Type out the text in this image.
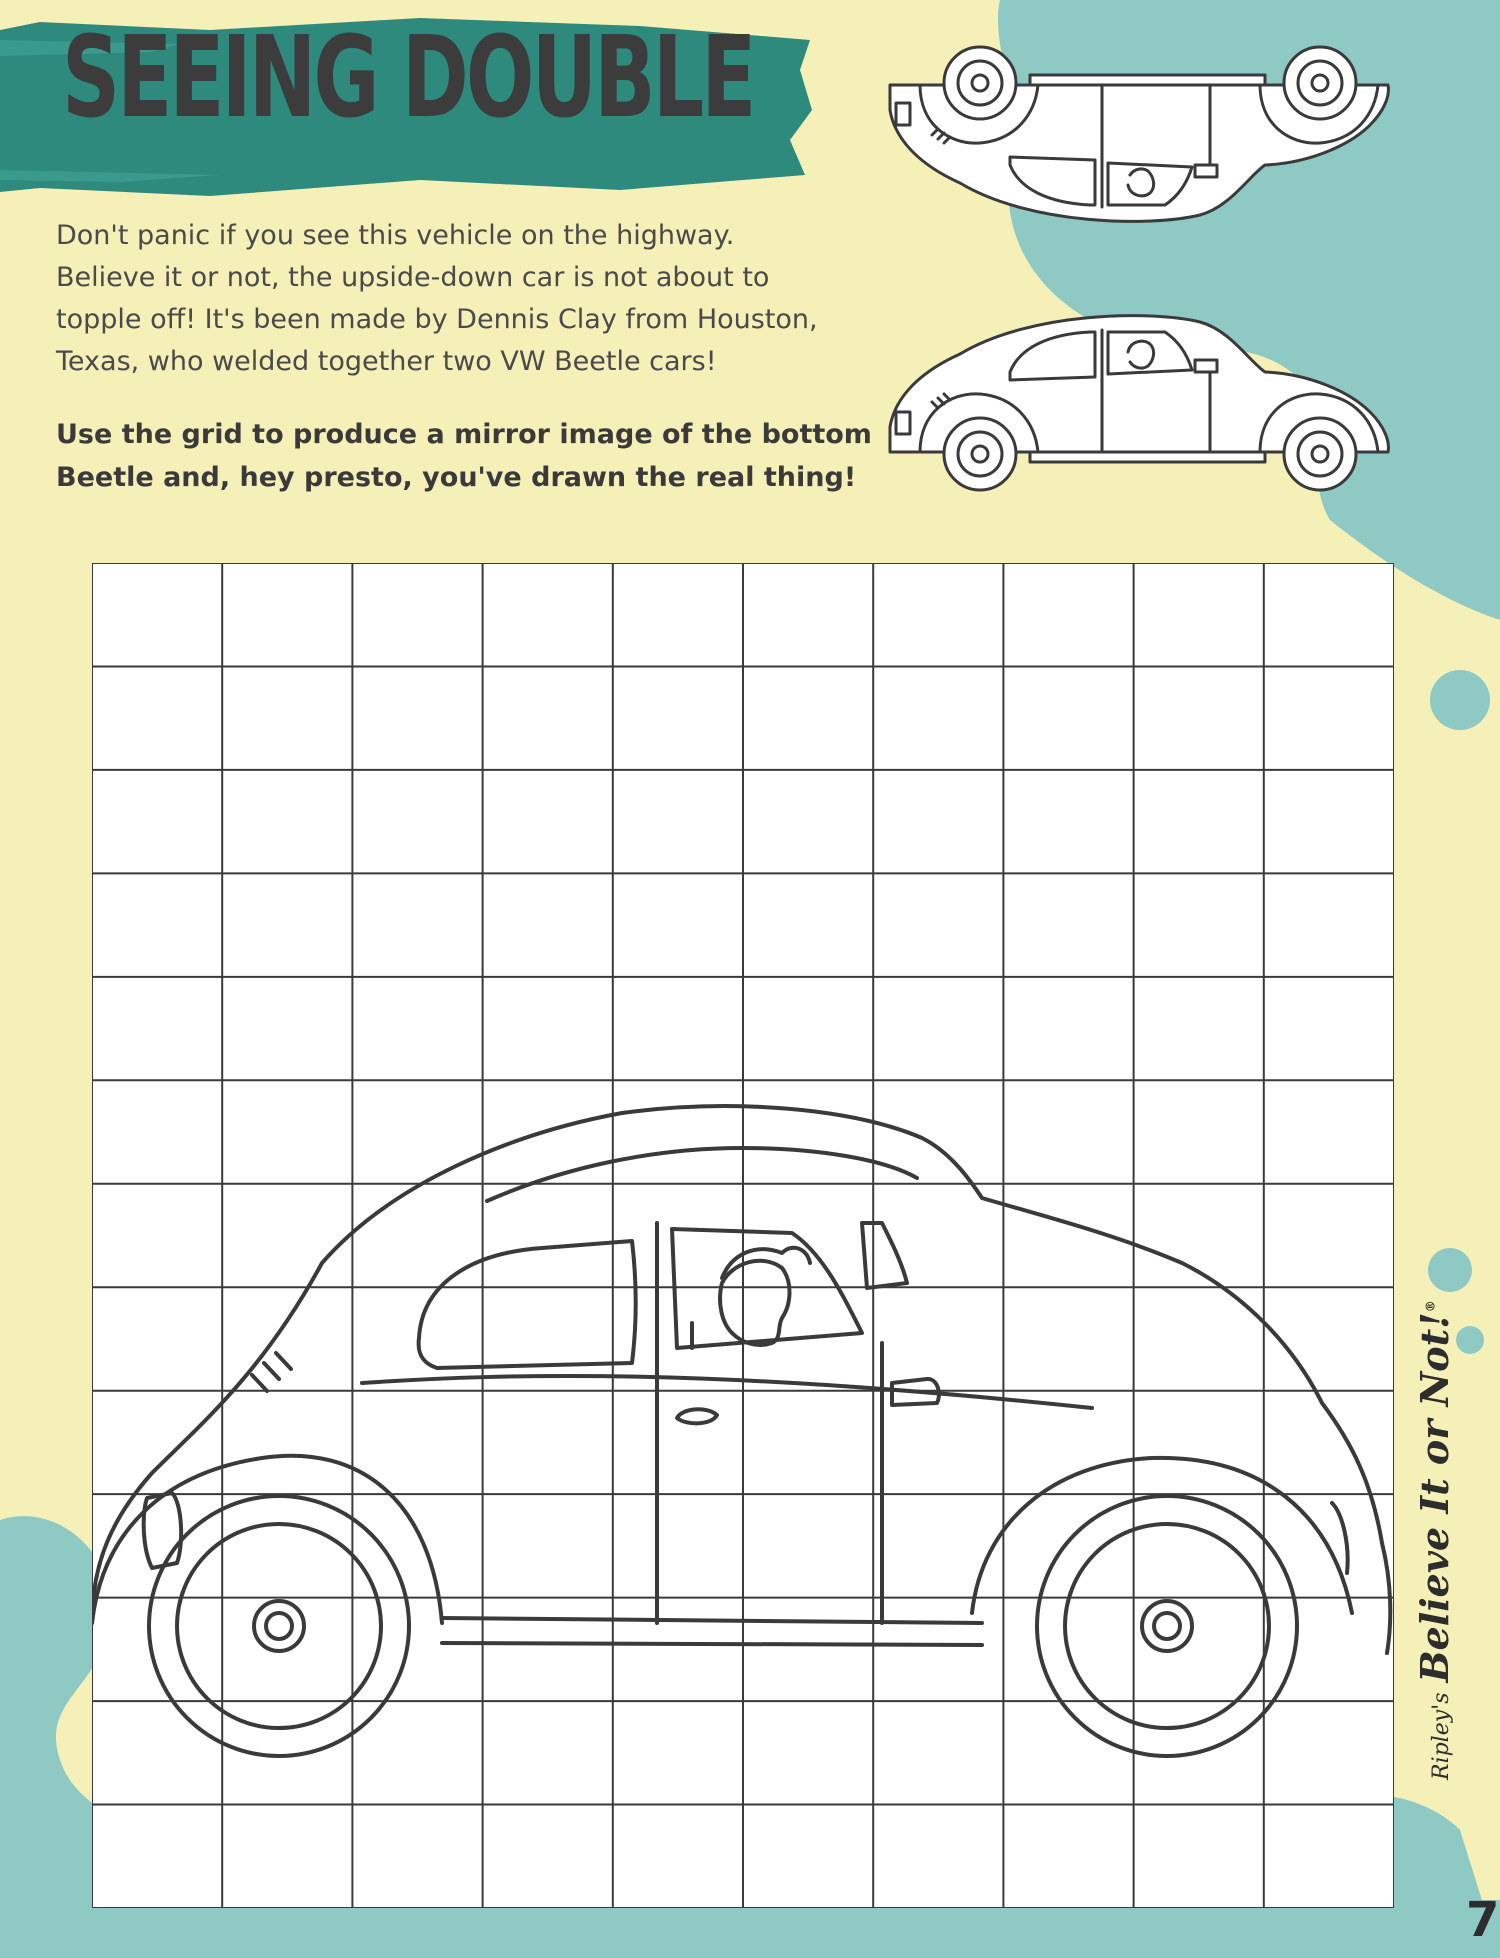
SEEING DOUBLE
Don't panic if you see this vehicle on the highway.
Believe it or not, the upside-down car is not about to
topple off! It's been made by Dennis Clay from Houston,
Texas, who welded together two VW Beetle cars!
Use the grid to produce a mirror image of the bottom
Beetle and, hey presto, you've drawn the real thing!
Ripley'sBelieve It or Not!®
7
